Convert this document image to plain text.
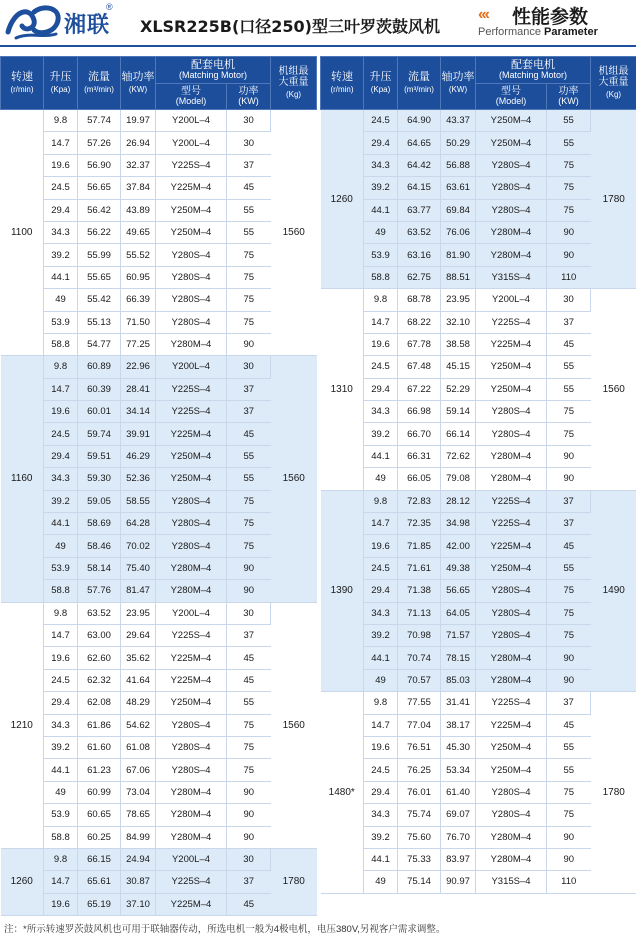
湘联
®
XLSR225B(口径250)型三叶罗茨鼓风机
‹‹‹ 性能参数
Performance Parameter
转速
(r/min)	升压
(Kpa)	流量
(m³/min)	轴功率
(KW)	配套电机
(Matching Motor)		机组最
大重量
(Kg)

				型号
(Model)	功率
(KW)	

1100	9.8	57.74	19.97	Y200L–4	30	1560
	14.7	57.26	26.94	Y200L–4	30	
	19.6	56.90	32.37	Y225S–4	37	
	24.5	56.65	37.84	Y225M–4	45	
	29.4	56.42	43.89	Y250M–4	55	
	34.3	56.22	49.65	Y250M–4	55	
	39.2	55.99	55.52	Y280S–4	75	
	44.1	55.65	60.95	Y280S–4	75	
	49	55.42	66.39	Y280S–4	75	
	53.9	55.13	71.50	Y280S–4	75	
	58.8	54.77	77.25	Y280M–4	90	
1160	9.8	60.89	22.96	Y200L–4	30	1560
	14.7	60.39	28.41	Y225S–4	37	
	19.6	60.01	34.14	Y225S–4	37	
	24.5	59.74	39.91	Y225M–4	45	
	29.4	59.51	46.29	Y250M–4	55	
	34.3	59.30	52.36	Y250M–4	55	
	39.2	59.05	58.55	Y280S–4	75	
	44.1	58.69	64.28	Y280S–4	75	
	49	58.46	70.02	Y280S–4	75	
	53.9	58.14	75.40	Y280M–4	90	
	58.8	57.76	81.47	Y280M–4	90	
1210	9.8	63.52	23.95	Y200L–4	30	1560
	14.7	63.00	29.64	Y225S–4	37	
	19.6	62.60	35.62	Y225M–4	45	
	24.5	62.32	41.64	Y225M–4	45	
	29.4	62.08	48.29	Y250M–4	55	
	34.3	61.86	54.62	Y280S–4	75	
	39.2	61.60	61.08	Y280S–4	75	
	44.1	61.23	67.06	Y280S–4	75	
	49	60.99	73.04	Y280M–4	90	
	53.9	60.65	78.65	Y280M–4	90	
	58.8	60.25	84.99	Y280M–4	90	
1260	9.8	66.15	24.94	Y200L–4	30	1780
	14.7	65.61	30.87	Y225S–4	37	
	19.6	65.19	37.10	Y225M–4	45	
转速
(r/min)	升压
(Kpa)	流量
(m³/min)	轴功率
(KW)	配套电机
(Matching Motor)		机组最
大重量
(Kg)

				型号
(Model)	功率
(KW)	

1260	24.5	64.90	43.37	Y250M–4	55	1780
	29.4	64.65	50.29	Y250M–4	55	
	34.3	64.42	56.88	Y280S–4	75	
	39.2	64.15	63.61	Y280S–4	75	
	44.1	63.77	69.84	Y280S–4	75	
	49	63.52	76.06	Y280M–4	90	
	53.9	63.16	81.90	Y280M–4	90	
	58.8	62.75	88.51	Y315S–4	110	
1310	9.8	68.78	23.95	Y200L–4	30	1560
	14.7	68.22	32.10	Y225S–4	37	
	19.6	67.78	38.58	Y225M–4	45	
	24.5	67.48	45.15	Y250M–4	55	
	29.4	67.22	52.29	Y250M–4	55	
	34.3	66.98	59.14	Y280S–4	75	
	39.2	66.70	66.14	Y280S–4	75	
	44.1	66.31	72.62	Y280M–4	90	
	49	66.05	79.08	Y280M–4	90	
1390	9.8	72.83	28.12	Y225S–4	37	1490
	14.7	72.35	34.98	Y225S–4	37	
	19.6	71.85	42.00	Y225M–4	45	
	24.5	71.61	49.38	Y250M–4	55	
	29.4	71.38	56.65	Y280S–4	75	
	34.3	71.13	64.05	Y280S–4	75	
	39.2	70.98	71.57	Y280S–4	75	
	44.1	70.74	78.15	Y280M–4	90	
	49	70.57	85.03	Y280M–4	90	
1480*	9.8	77.55	31.41	Y225S–4	37	1780
	14.7	77.04	38.17	Y225M–4	45	
	19.6	76.51	45.30	Y250M–4	55	
	24.5	76.25	53.34	Y250M–4	55	
	29.4	76.01	61.40	Y280S–4	75	
	34.3	75.74	69.07	Y280S–4	75	
	39.2	75.60	76.70	Y280M–4	90	
	44.1	75.33	83.97	Y280M–4	90	
	49	75.14	90.97	Y315S–4	110	
注：*所示转速罗茨鼓风机也可用于联轴器传动，所选电机一般为4极电机，电压380V,另视客户需求调整。
